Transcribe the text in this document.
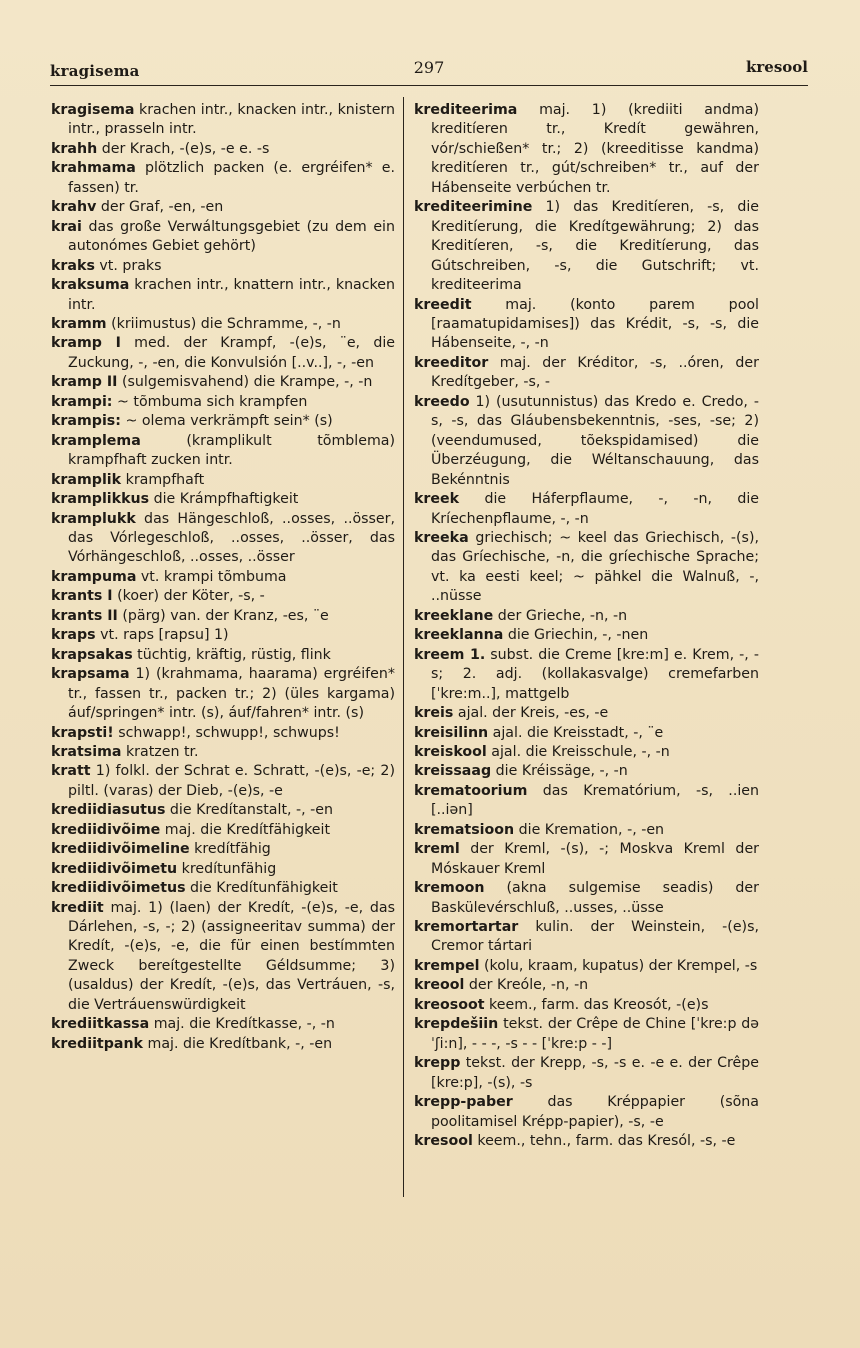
kragisema	297	kresool

kragisema krachen intr., knacken intr., knistern intr., prasseln intr.

krahh der Krach, -(e)s, -e e. -s

krahmama plötzlich packen (e. ergréifen* e. fassen) tr.

krahv der Graf, -en, -en

krai das große Verwáltungsgebiet (zu dem ein autonómes Gebiet gehört)

kraks vt. praks

kraksuma krachen intr., knattern intr., knacken intr.

kramm (kriimustus) die Schramme, -, -n

kramp I med. der Krampf, -(e)s, ¨e, die Zuckung, -, -en, die Konvulsión [..v..], -, -en

kramp II (sulgemisvahend) die Krampe, -, -n

krampi: ~ tõmbuma sich krampfen

krampis: ~ olema verkrämpft sein* (s)

kramplema (kramplikult tõmblema) krampfhaft zucken intr.

kramplik krampfhaft

kramplikkus die Krámpfhaftigkeit

kramplukk das Hängeschloß, ..osses, ..össer, das Vórlegeschloß, ..osses, ..össer, das Vórhängeschloß, ..osses, ..össer

krampuma vt. krampi tõmbuma

krants I (koer) der Köter, -s, -

krants II (pärg) van. der Kranz, -es, ¨e

kraps vt. raps [rapsu] 1)

krapsakas tüchtig, kräftig, rüstig, flink

krapsama 1) (krahmama, haarama) ergréifen* tr., fassen tr., packen tr.; 2) (üles kargama) áuf/springen* intr. (s), áuf/fahren* intr. (s)

krapsti! schwapp!, schwupp!, schwups!

kratsima kratzen tr.

kratt 1) folkl. der Schrat e. Schratt, -(e)s, -e; 2) piltl. (varas) der Dieb, -(e)s, -e

krediidiasutus die Kredítanstalt, -, -en

krediidivõime maj. die Kredítfähigkeit

krediidivõimeline kredítfähig

krediidivõimetu kredítunfähig

krediidivõimetus die Kredítunfähigkeit

krediit maj. 1) (laen) der Kredít, -(e)s, -e, das Dárlehen, -s, -; 2) (assigneeritav summa) der Kredít, -(e)s, -e, die für einen bestímmten Zweck bereítgestellte Géldsumme; 3) (usaldus) der Kredít, -(e)s, das Vertráuen, -s, die Vertráuenswürdigkeit

krediitkassa maj. die Kredítkasse, -, -n

krediitpank maj. die Kredítbank, -, -en

krediteerima maj. 1) (krediiti andma) kreditíeren tr., Kredít gewähren, vór/schießen* tr.; 2) (kreeditisse kandma) kreditíeren tr., gút/schreiben* tr., auf der Hábenseite verbúchen tr.

krediteerimine 1) das Kreditíeren, -s, die Kreditíerung, die Kredítgewährung; 2) das Kreditíeren, -s, die Kreditíerung, das Gútschreiben, -s, die Gutschrift; vt. krediteerima

kreedit maj. (konto parem pool [raamatupidamises]) das Krédit, -s, -s, die Hábenseite, -, -n

kreeditor maj. der Kréditor, -s, ..óren, der Kredítgeber, -s, -

kreedo 1) (usutunnistus) das Kredo e. Credo, -s, -s, das Gláubensbekenntnis, -ses, -se; 2) (veendumused, tõekspidamised) die Überzéugung, die Wéltanschauung, das Bekénntnis

kreek die Háferpflaume, -, -n, die Kríechenpflaume, -, -n

kreeka griechisch; ~ keel das Griechisch, -(s), das Gríechische, -n, die gríechische Sprache; vt. ka eesti keel; ~ pähkel die Walnuß, -, ..nüsse

kreeklane der Grieche, -n, -n

kreeklanna die Griechin, -, -nen

kreem 1. subst. die Creme [kre:m] e. Krem, -, -s; 2. adj. (kollakasvalge) cremefarben [ˈkre:m..], mattgelb

kreis ajal. der Kreis, -es, -e

kreisilinn ajal. die Kreisstadt, -, ¨e

kreiskool ajal. die Kreisschule, -, -n

kreissaag die Kréissäge, -, -n

krematoorium das Krematórium, -s, ..ien [..iən]

krematsioon die Kremation, -, -en

kreml der Kreml, -(s), -; Moskva Kreml der Móskauer Kreml

kremoon (akna sulgemise seadis) der Baskülevérschluß, ..usses, ..üsse

kremortartar kulin. der Weinstein, -(e)s, Cremor tártari

krempel (kolu, kraam, kupatus) der Krempel, -s

kreool der Kreóle, -n, -n

kreosoot keem., farm. das Kreosót, -(e)s

krepdešiin tekst. der Crêpe de Chine [ˈkre:p də ˈʃi:n], - - -, -s - - [ˈkre:p - -]

krepp tekst. der Krepp, -s, -s e. -e e. der Crêpe [kre:p], -(s), -s

krepp-paber das Kréppapier (sõna poolitamisel Krépp-papier), -s, -e

kresool keem., tehn., farm. das Kresól, -s, -e
